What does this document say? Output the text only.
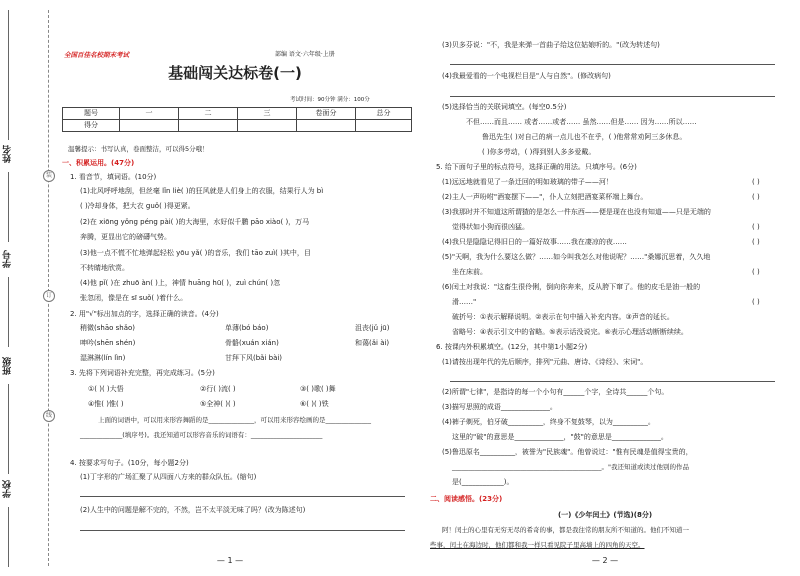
姓名
学号
班级
学校
装
订
线
全国百佳名校期末考试	部编 语文·六年级·上册
基础闯关达标卷(一)
考试时间：90分钟 满分：100分
题号	一	二	三	卷面分	总分
得分					
温馨提示：书写认真，卷面整洁，可以得5分哦！
一、积累运用。(47分)
1. 看音节，填词语。(10分)
(1)北风呼呼地刮，但丝毫 lǐn liè( )的狂风就是人们身上的衣服，结果行人为 bì
( )冷却身体，把大衣 guǒ( )得更紧。
(2)在 xiōng yǒng péng pài( )的大海里，水好似千鹏 pāo xiào( )，万马
奔腾，更显出它的磅礴气势。
(3)他一点不慌不忙地弹起轻松 yōu yǎ( )的音乐，我们 tāo zuì( )其中，目
不转睛地欣赏。
(4)他 pǐ( )在 zhuō àn( )上，神情 huāng hū( )，zuì chún( )忽
张忽闭，像是在 sī suǒ( )着什么。
2. 用"√"标出加点的字，选择正确的读音。(4分)
稍微(shāo shǎo)	单薄(bó báo)	沮丧(jǔ jū)
呻吟(shēn shén)	骨骼(xuán xián)	和蔼(ǎi ài)
湿淋淋(lín lìn)	甘拜下风(bǎi bài)
3. 先将下列词语补充完整，再完成练习。(5分)
①( )( )大悟	②行( )流( )	③( )歌( )舞
④惟( )惟( )	⑤全神( )( )	⑥( )( )铁
上面的词语中，可以用来形容舞蹈的是______________，可以用来形容绘画的是______________
_____________(填序号)。我还知道可以形容音乐的词语有：______________________
4. 按要求写句子。(10分，每小题2分)
(1)丁字形的广场汇聚了从四面八方来的群众队伍。(缩句)
(2)人生中的问题是解不完的，不然，岂不太平淡无味了吗？(改为陈述句)
— 1 —
(3)贝多芬说："不，我是来弹一首曲子给这位姑娘听的。"(改为转述句)
(4)我最爱看的一个电视栏目是"人与自然"。(修改病句)
(5)选择恰当的关联词填空。(每空0.5分)
不但……而且…… 或者……或者…… 虽然……但是…… 因为……所以……
鲁迅先生( )对自己的病一点儿也不在乎，( )他常常劝阿三多休息。
( )你多劳动，( )得到别人多多爱戴。
5. 给下面句子里的标点符号，选择正确的用法。只填序号。(6分)
(1)远远地就看见了一条迁回的明如玻璃的带子——河！	( )
(2)主人一声吩咐"酒宴摆下——"，仆人立刻把酒宴菜杯端上舞台。	( )
(3)我那时并不知道这所谓猹的是怎么一件东西——便是现在也没有知道——只是无端的
觉得状如小狗而很凶猛。	( )
(4)我只是隐隐记得旧日的一篇好故事……我在凄凉的夜……	( )
(5)"天啊，我为什么要这么做？……如今叫我怎么对他说呢？……"桑娜沉思着，久久地
坐在床前。	( )
(6)闰土对我说："这畜生很伶俐，倒向你奔来，反从胯下窜了。他的皮毛是油一般的
滑……"	( )
破折号：①表示解释说明。②表示在句中插入补充内容。③声音的延长。
省略号：④表示引文中的省略。⑤表示话没说完。⑥表示心理活动断断续续。
6. 按课内外积累填空。(12分，其中第1小题2分)
(1)请按出现年代的先后顺序，排列"元曲、唐诗、《诗经》、宋词"。
(2)所谓"七律"，是指诗的每一个小句有______个字，全诗共______个句。
(3)描写思照的成语______________。
(4)裤子剃死，伯牙破__________，终身不复鼓琴，以为__________。
这里的"破"的意思是______________，"鼓"的意思是______________。
(5)鲁迅原名__________，被誉为"民族魂"。他曾说过："惟有民魂是值得宝贵的，
______________________________________________。"我还知道或读过他别的作品
是(____________)。
二、阅读感悟。(23分)
(一)《少年闰土》(节选)(8分)
阿！闰土的心里有无穷无尽的希奇的事，都是我往常的朋友所不知道的。他们不知道一
些事，闰土在海边时，他们都和我一样只看见院子里高墙上的四角的天空。
— 2 —
